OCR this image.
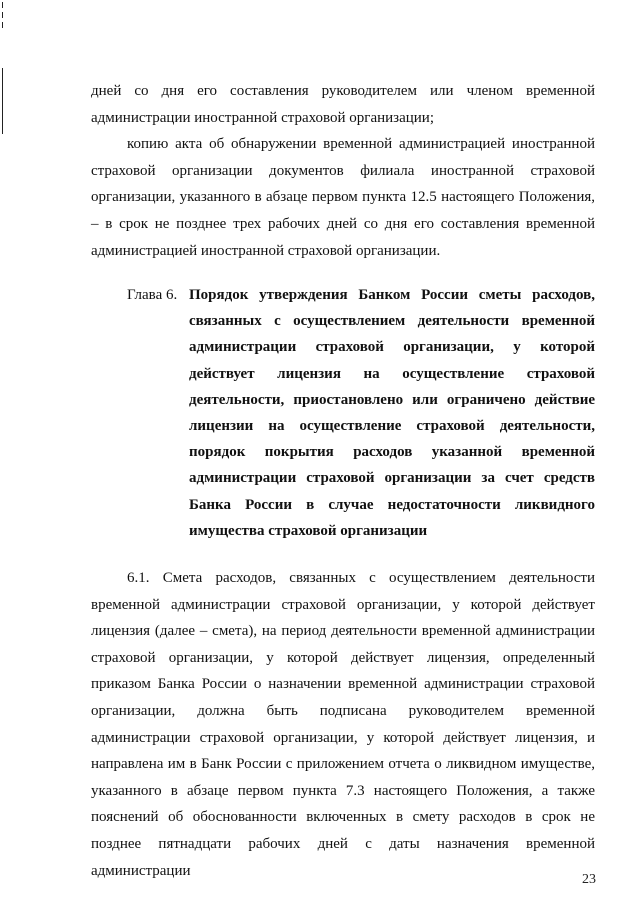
дней со дня его составления руководителем или членом временной администрации иностранной страховой организации;

копию акта об обнаружении временной администрацией иностранной страховой организации документов филиала иностранной страховой организации, указанного в абзаце первом пункта 12.5 настоящего Положения, – в срок не позднее трех рабочих дней со дня его составления временной администрацией иностранной страховой организации.

Глава 6. Порядок утверждения Банком России сметы расходов, связанных с осуществлением деятельности временной администрации страховой организации, у которой действует лицензия на осуществление страховой деятельности, приостановлено или ограничено действие лицензии на осуществление страховой деятельности, порядок покрытия расходов указанной временной администрации страховой организации за счет средств Банка России в случае недостаточности ликвидного имущества страховой организации

6.1. Смета расходов, связанных с осуществлением деятельности временной администрации страховой организации, у которой действует лицензия (далее – смета), на период деятельности временной администрации страховой организации, у которой действует лицензия, определенный приказом Банка России о назначении временной администрации страховой организации, должна быть подписана руководителем временной администрации страховой организации, у которой действует лицензия, и направлена им в Банк России с приложением отчета о ликвидном имуществе, указанного в абзаце первом пункта 7.3 настоящего Положения, а также пояснений об обоснованности включенных в смету расходов в срок не позднее пятнадцати рабочих дней с даты назначения временной администрации

23
